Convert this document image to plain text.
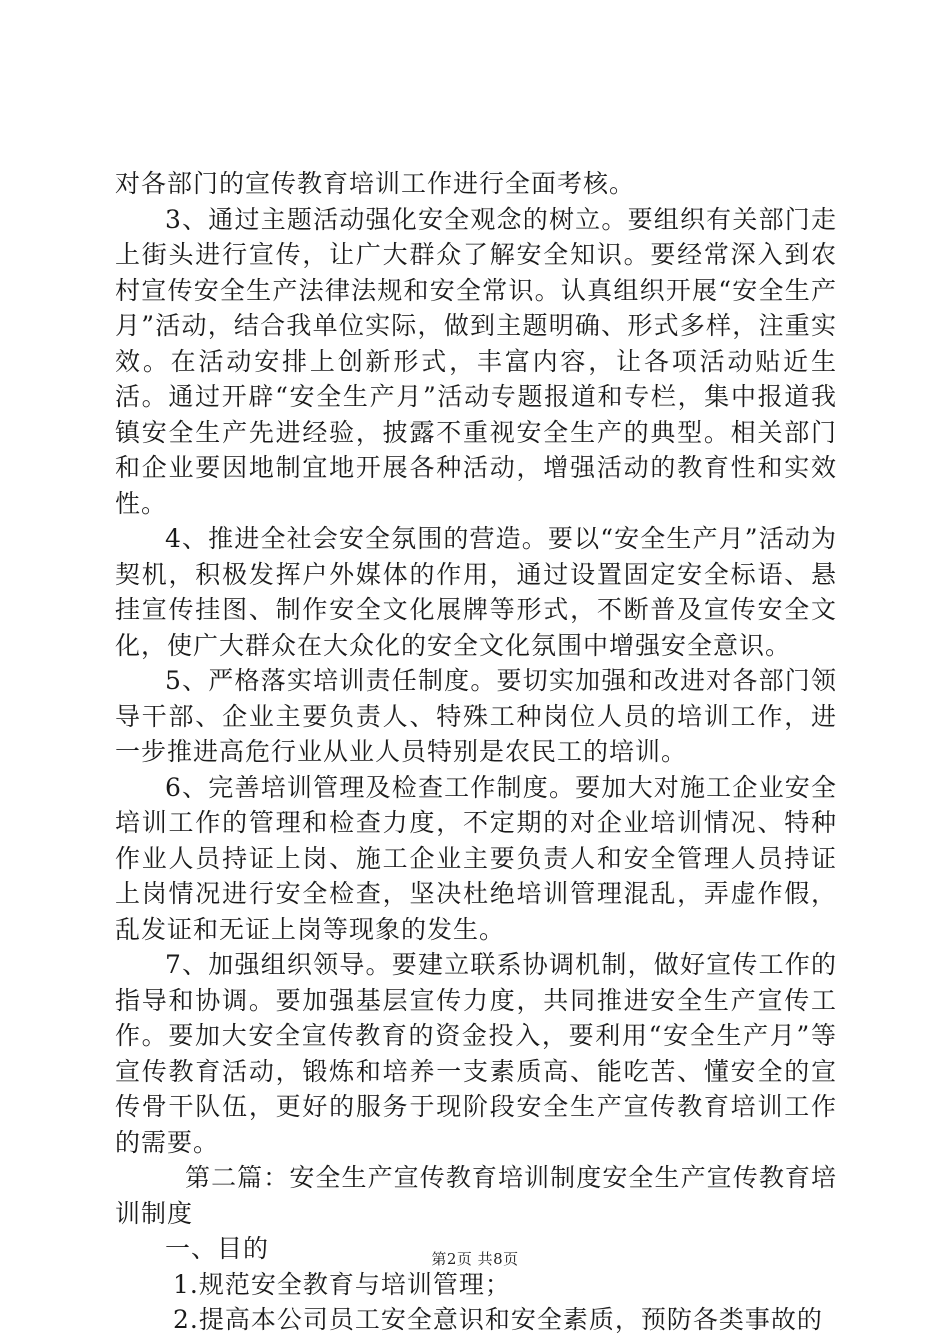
对各部门的宣传教育培训工作进行全面考核。

3、通过主题活动强化安全观念的树立。要组织有关部门走上街头进行宣传，让广大群众了解安全知识。要经常深入到农村宣传安全生产法律法规和安全常识。认真组织开展“安全生产月”活动，结合我单位实际，做到主题明确、形式多样，注重实效。在活动安排上创新形式，丰富内容，让各项活动贴近生活。通过开辟“安全生产月”活动专题报道和专栏，集中报道我镇安全生产先进经验，披露不重视安全生产的典型。相关部门和企业要因地制宜地开展各种活动，增强活动的教育性和实效性。

4、推进全社会安全氛围的营造。要以“安全生产月”活动为契机，积极发挥户外媒体的作用，通过设置固定安全标语、悬挂宣传挂图、制作安全文化展牌等形式，不断普及宣传安全文化，使广大群众在大众化的安全文化氛围中增强安全意识。

5、严格落实培训责任制度。要切实加强和改进对各部门领导干部、企业主要负责人、特殊工种岗位人员的培训工作，进一步推进高危行业从业人员特别是农民工的培训。

6、完善培训管理及检查工作制度。要加大对施工企业安全培训工作的管理和检查力度，不定期的对企业培训情况、特种作业人员持证上岗、施工企业主要负责人和安全管理人员持证上岗情况进行安全检查，坚决杜绝培训管理混乱，弄虚作假，乱发证和无证上岗等现象的发生。

7、加强组织领导。要建立联系协调机制，做好宣传工作的指导和协调。要加强基层宣传力度，共同推进安全生产宣传工作。要加大安全宣传教育的资金投入，要利用“安全生产月”等宣传教育活动，锻炼和培养一支素质高、能吃苦、懂安全的宣传骨干队伍，更好的服务于现阶段安全生产宣传教育培训工作的需要。

第二篇：安全生产宣传教育培训制度安全生产宣传教育培训制度

一、目的

1.规范安全教育与培训管理；

2.提高本公司员工安全意识和安全素质，预防各类事故的

第2页 共8页
